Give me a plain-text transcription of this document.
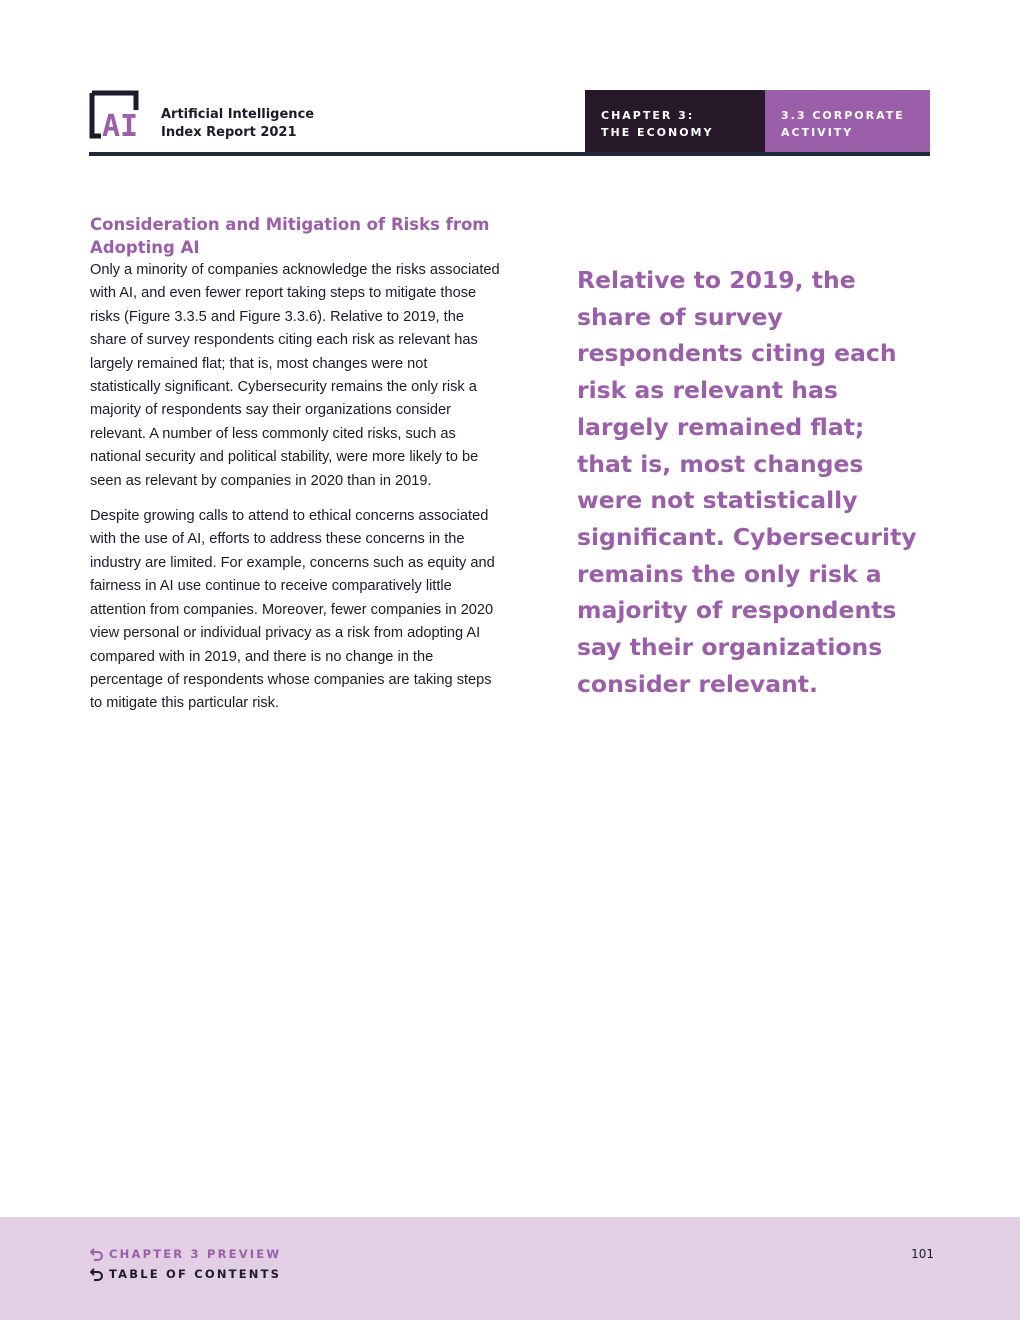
AI Artificial Intelligence
Index Report 2021
CHAPTER 3:
THE ECONOMY
3.3 CORPORATE
ACTIVITY
Consideration and Mitigation of Risks from Adopting AI

Only a minority of companies acknowledge the risks associated with AI, and even fewer report taking steps to mitigate those risks (Figure 3.3.5 and Figure 3.3.6). Relative to 2019, the share of survey respondents citing each risk as relevant has largely remained flat; that is, most changes were not statistically significant. Cybersecurity remains the only risk a majority of respondents say their organizations consider relevant. A number of less commonly cited risks, such as national security and political stability, were more likely to be seen as relevant by companies in 2020 than in 2019.

Despite growing calls to attend to ethical concerns associated with the use of AI, efforts to address these concerns in the industry are limited. For example, concerns such as equity and fairness in AI use continue to receive comparatively little attention from companies. Moreover, fewer companies in 2020 view personal or individual privacy as a risk from adopting AI compared with in 2019, and there is no change in the percentage of respondents whose companies are taking steps to mitigate this particular risk.

Relative to 2019, the share of survey respondents citing each risk as relevant has largely remained flat; that is, most changes were not statistically significant. Cybersecurity remains the only risk a majority of respondents say their organizations consider relevant.

CHAPTER 3 PREVIEW
TABLE OF CONTENTS
101
